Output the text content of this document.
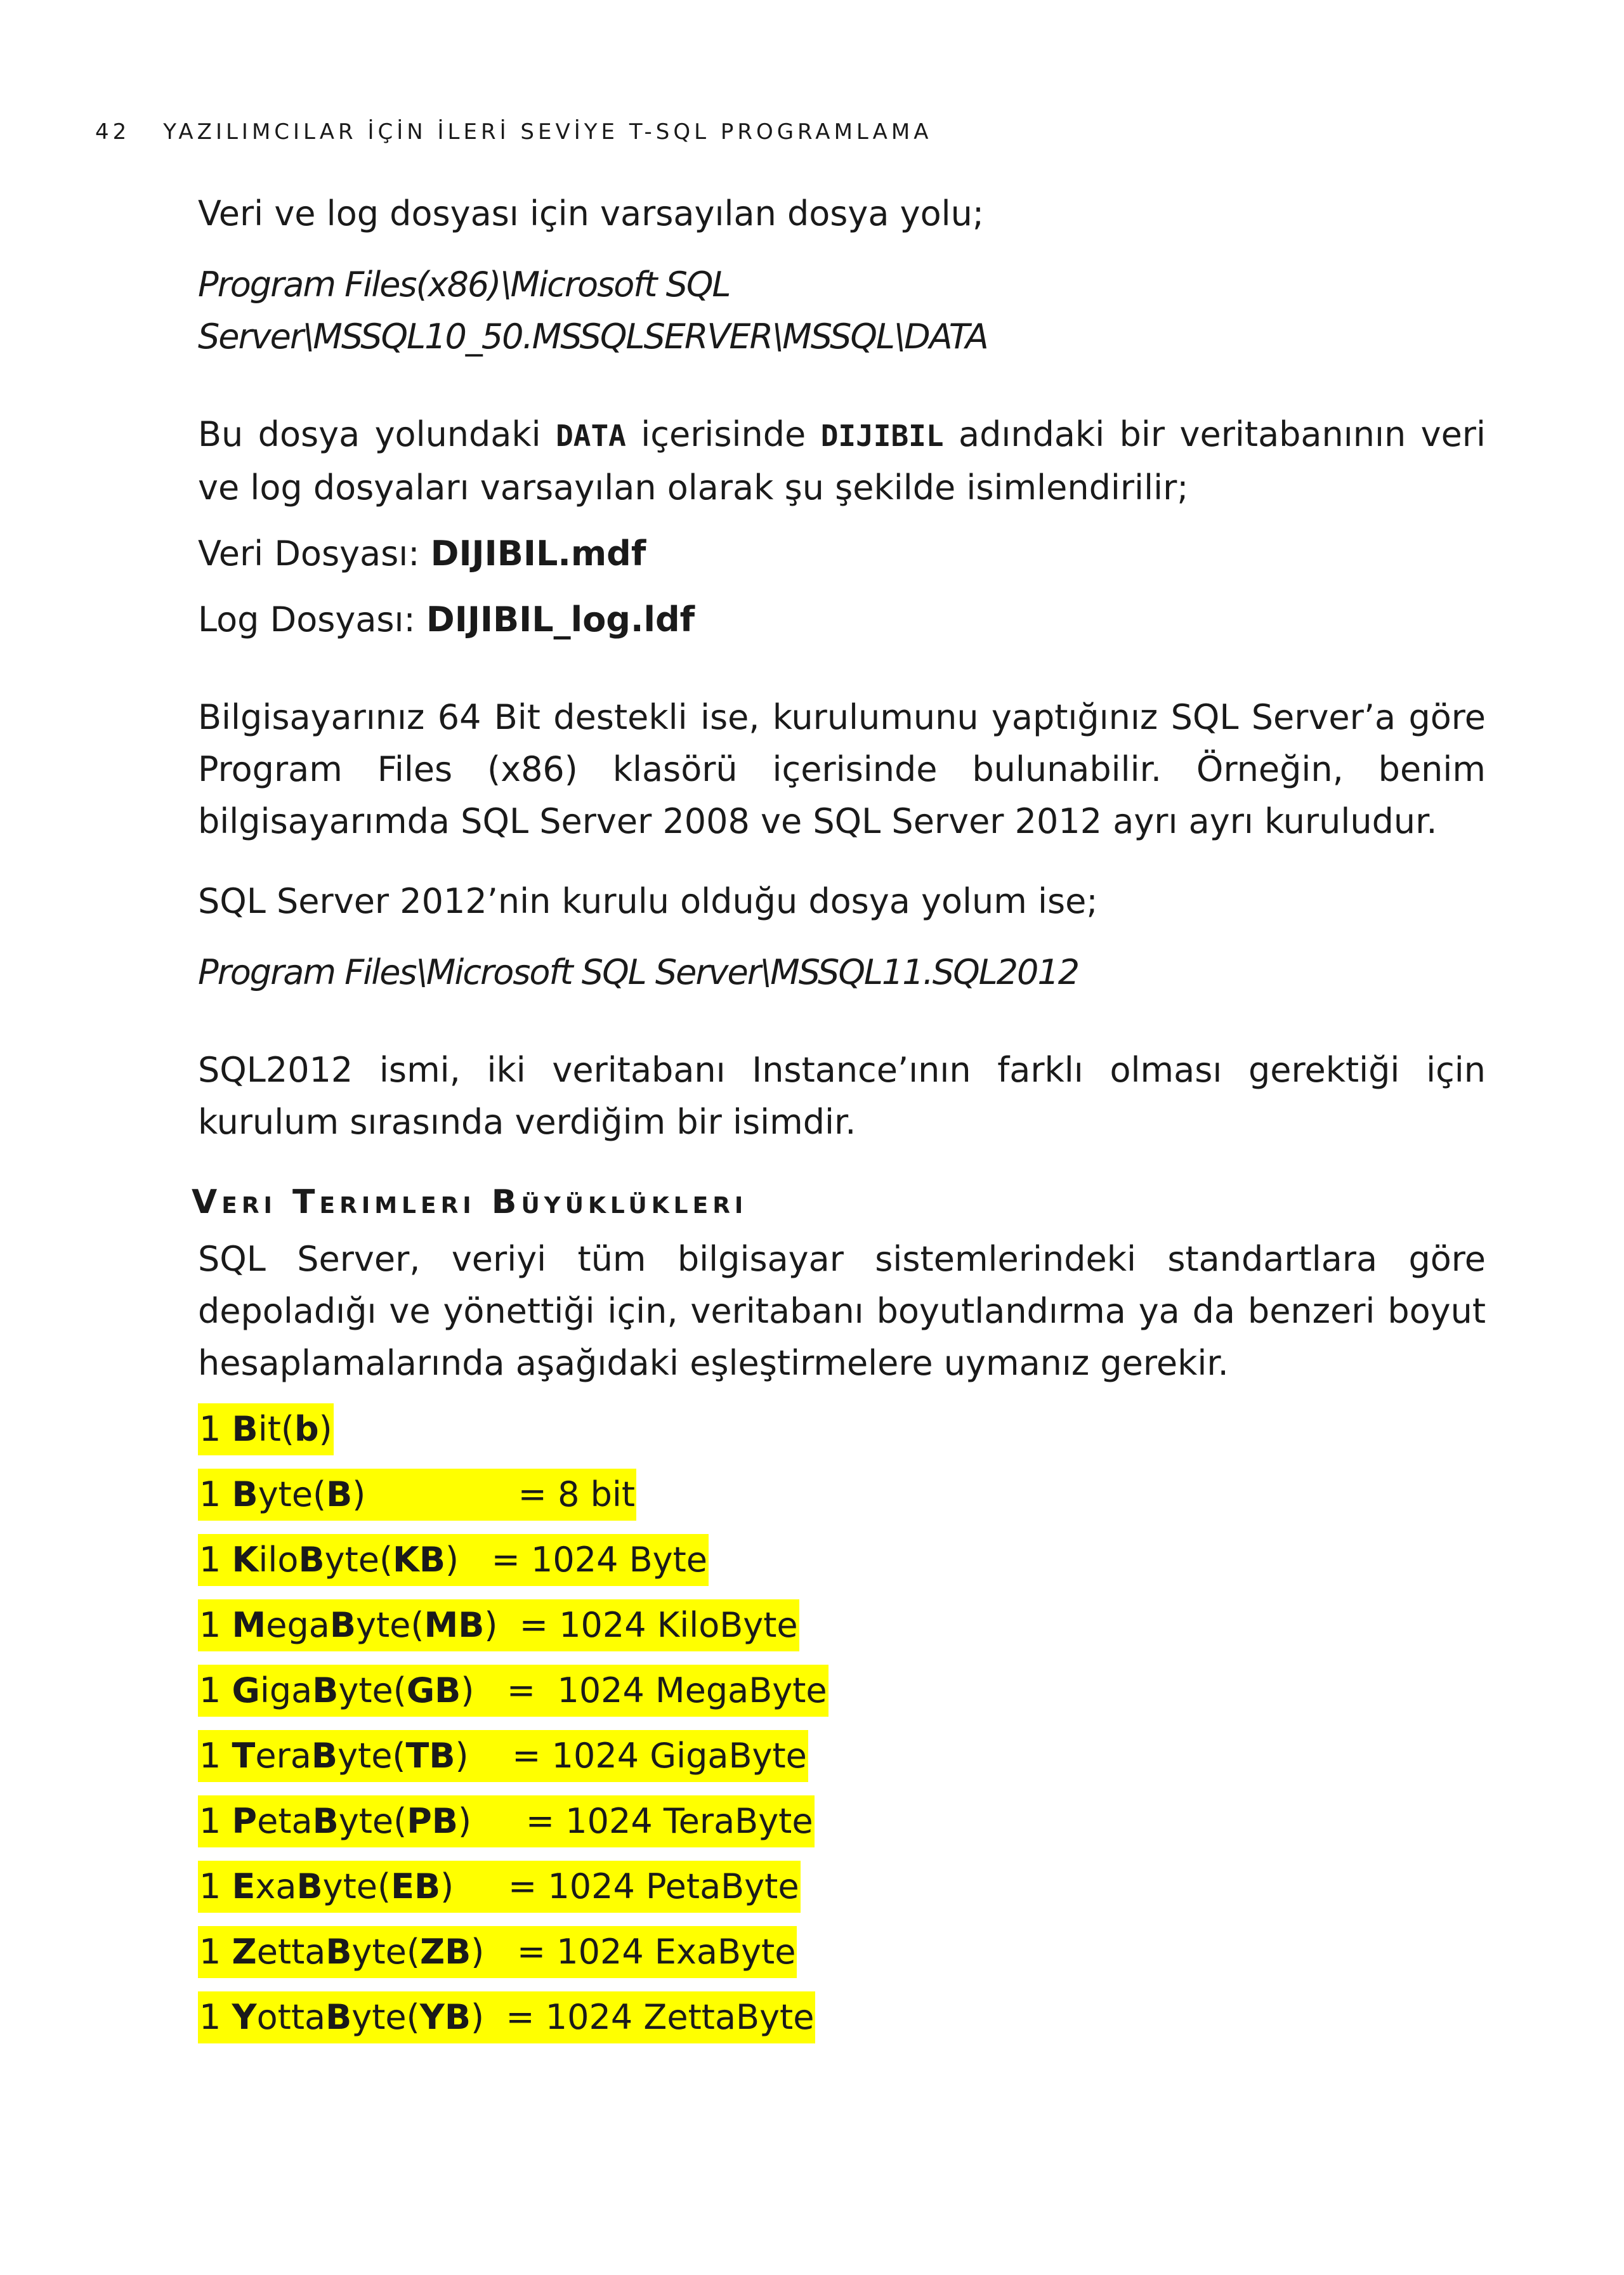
42 YAZILIMCILAR İÇİN İLERİ SEVİYE T-SQL PROGRAMLAMA

Veri ve log dosyası için varsayılan dosya yolu;

Program Files(x86)\Microsoft SQL Server\MSSQL10_50.MSSQLSERVER\MSSQL\DATA

Bu dosya yolundaki DATA içerisinde DIJIBIL adındaki bir veritabanının veri ve log dosyaları varsayılan olarak şu şekilde isimlendirilir;

Veri Dosyası: DIJIBIL.mdf

Log Dosyası: DIJIBIL_log.ldf

Bilgisayarınız 64 Bit destekli ise, kurulumunu yaptığınız SQL Server’a göre Program Files (x86) klasörü içerisinde bulunabilir. Örneğin, benim bilgisayarımda SQL Server 2008 ve SQL Server 2012 ayrı ayrı kuruludur.

SQL Server 2012’nin kurulu olduğu dosya yolum ise;

Program Files\Microsoft SQL Server\MSSQL11.SQL2012

SQL2012 ismi, iki veritabanı Instance’ının farklı olması gerektiği için kurulum sırasında verdiğim bir isimdir.

Veri Terimleri Büyüklükleri

SQL Server, veriyi tüm bilgisayar sistemlerindeki standartlara göre depoladığı ve yönettiği için, veritabanı boyutlandırma ya da benzeri boyut hesaplamalarında aşağıdaki eşleştirmelere uymanız gerekir.

1 Bit(b)
1 Byte(B)              = 8 bit
1 KiloByte(KB)   = 1024 Byte
1 MegaByte(MB)  = 1024 KiloByte
1 GigaByte(GB)   =  1024 MegaByte
1 TeraByte(TB)    = 1024 GigaByte
1 PetaByte(PB)     = 1024 TeraByte
1 ExaByte(EB)     = 1024 PetaByte
1 ZettaByte(ZB)   = 1024 ExaByte
1 YottaByte(YB)  = 1024 ZettaByte
